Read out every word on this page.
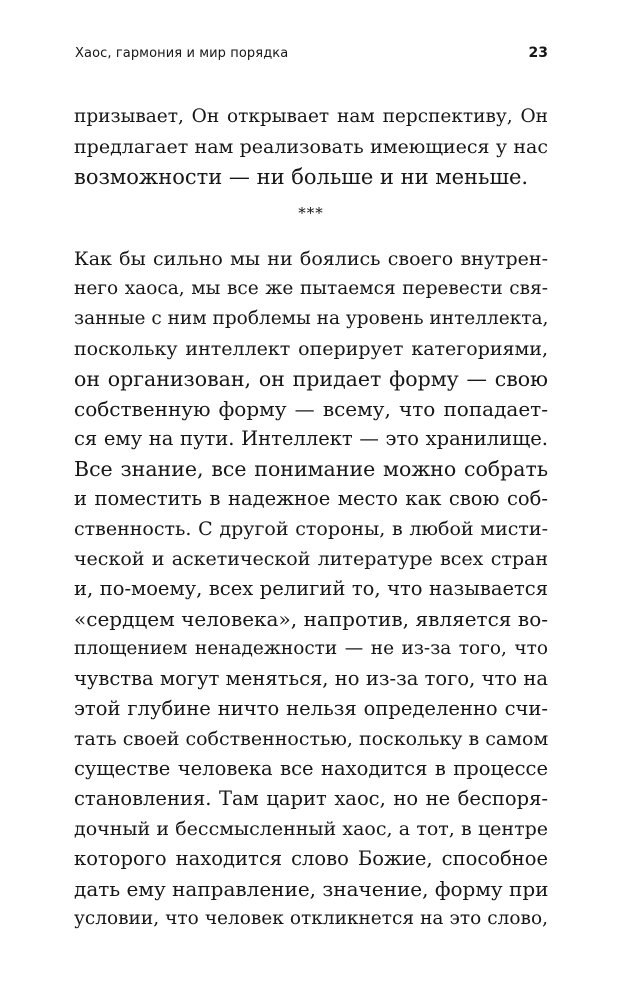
Хаос, гармония и мир порядка	23
призывает, Он открывает нам перспективу, Он
предлагает нам реализовать имеющиеся у нас
возможности — ни больше и ни меньше.
***
Как бы сильно мы ни боялись своего внутрен-
него хаоса, мы все же пытаемся перевести свя-
занные с ним проблемы на уровень интеллекта,
поскольку интеллект оперирует категориями,
он организован, он придает форму — свою
собственную форму — всему, что попадает-
ся ему на пути. Интеллект — это хранилище.
Все знание, все понимание можно собрать
и поместить в надежное место как свою соб-
ственность. С другой стороны, в любой мисти-
ческой и аскетической литературе всех стран
и, по-моему, всех религий то, что называется
«сердцем человека», напротив, является во-
площением ненадежности — не из-за того, что
чувства могут меняться, но из-за того, что на
этой глубине ничто нельзя определенно счи-
тать своей собственностью, поскольку в самом
существе человека все находится в процессе
становления. Там царит хаос, но не беспоря-
дочный и бессмысленный хаос, а тот, в центре
которого находится слово Божие, способное
дать ему направление, значение, форму при
условии, что человек откликнется на это слово,
